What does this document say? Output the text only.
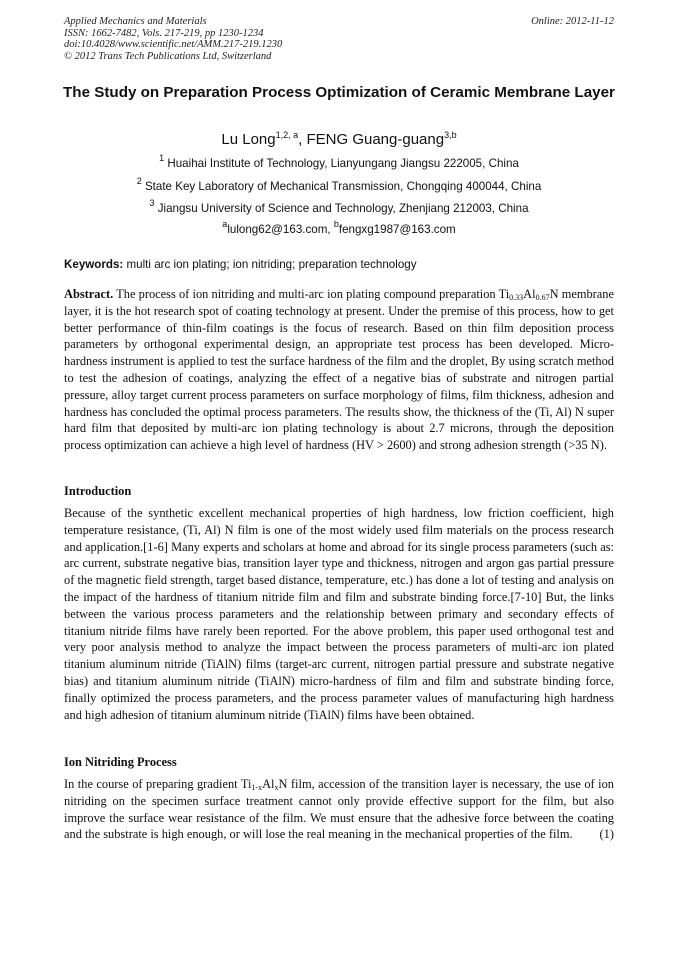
Applied Mechanics and Materials	Online: 2012-11-12
ISSN: 1662-7482, Vols. 217-219, pp 1230-1234
doi:10.4028/www.scientific.net/AMM.217-219.1230
© 2012 Trans Tech Publications Ltd, Switzerland
The Study on Preparation Process Optimization of Ceramic Membrane Layer
Lu Long$^{1,2, a}$, FENG Guang-guang$^{3,b}$
$^1$ Huaihai Institute of Technology, Lianyungang Jiangsu 222005, China
$^2$ State Key Laboratory of Mechanical Transmission, Chongqing 400044, China
$^3$ Jiangsu University of Science and Technology, Zhenjiang 212003, China
$^a$lulong62@163.com, $^b$fengxg1987@163.com
Keywords: multi arc ion plating; ion nitriding; preparation technology
Abstract. The process of ion nitriding and multi-arc ion plating compound preparation $Ti_{0.33}Al_{0.67}N$ membrane layer, it is the hot research spot of coating technology at present. Under the premise of this process, how to get better performance of thin-film coatings is the focus of research. Based on thin film deposition process parameters by orthogonal experimental design, an appropriate test process has been developed. Micro-hardness instrument is applied to test the surface hardness of the film and the droplet, By using scratch method to test the adhesion of coatings, analyzing the effect of a negative bias of substrate and nitrogen partial pressure, alloy target current process parameters on surface morphology of films, film thickness, adhesion and hardness has concluded the optimal process parameters. The results show, the thickness of the (Ti, Al) N super hard film that deposited by multi-arc ion plating technology is about 2.7 microns, through the deposition process optimization can achieve a high level of hardness (HV > 2600) and strong adhesion strength (>35 N).
Introduction
Because of the synthetic excellent mechanical properties of high hardness, low friction coefficient, high temperature resistance, (Ti, Al) N film is one of the most widely used film materials on the process research and application.[1-6] Many experts and scholars at home and abroad for its single process parameters (such as: arc current, substrate negative bias, transition layer type and thickness, nitrogen and argon gas partial pressure of the magnetic field strength, target based distance, temperature, etc.) has done a lot of testing and analysis on the impact of the hardness of titanium nitride film and film and substrate binding force.[7-10] But, the links between the various process parameters and the relationship between primary and secondary effects of titanium nitride films have rarely been reported. For the above problem, this paper used orthogonal test and very poor analysis method to analyze the impact between the process parameters of multi-arc ion plated titanium aluminum nitride (TiAlN) films (target-arc current, nitrogen partial pressure and substrate negative bias) and titanium aluminum nitride (TiAlN) micro-hardness of film and film and substrate binding force, finally optimized the process parameters, and the process parameter values of manufacturing high hardness and high adhesion of titanium aluminum nitride (TiAlN) films have been obtained.
Ion Nitriding Process
In the course of preparing gradient $Ti_{1-x}Al_xN$ film, accession of the transition layer is necessary, the use of ion nitriding on the specimen surface treatment cannot only provide effective support for the film, but also improve the surface wear resistance of the film. We must ensure that the adhesive force between the coating and the substrate is high enough, or will lose the real meaning in the mechanical properties of the film. (1)
